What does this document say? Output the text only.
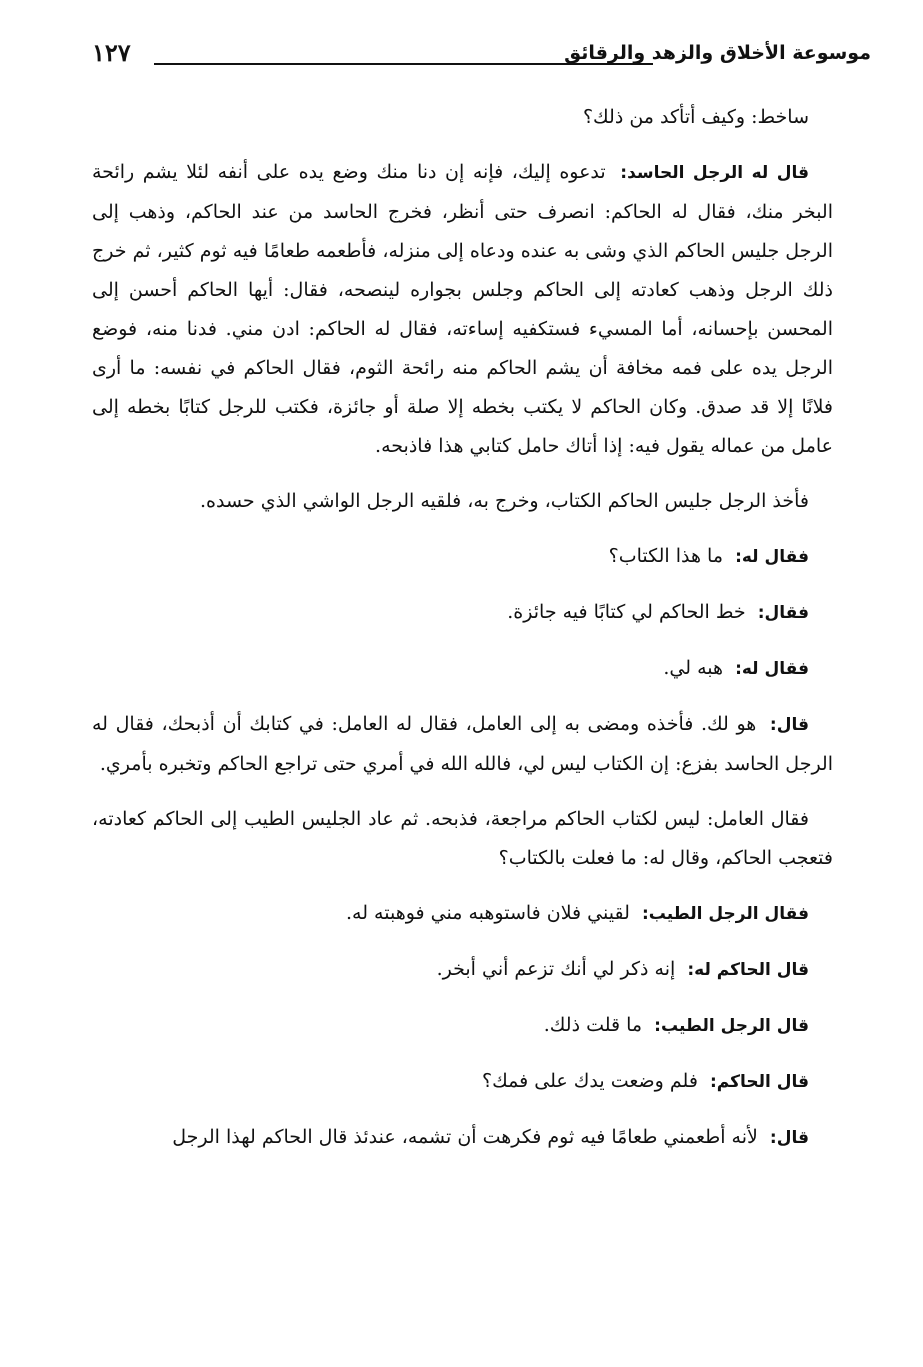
موسوعة الأخلاق والزهد والرقائق
١٢٧

ساخط: وكيف أتأكد من ذلك؟

قال له الرجل الحاسد: تدعوه إليك، فإنه إن دنا منك وضع يده على أنفه لئلا يشم رائحة البخر منك، فقال له الحاكم: انصرف حتى أنظر، فخرج الحاسد من عند الحاكم، وذهب إلى الرجل جليس الحاكم الذي وشى به عنده ودعاه إلى منزله، فأطعمه طعامًا فيه ثوم كثير، ثم خرج ذلك الرجل وذهب كعادته إلى الحاكم وجلس بجواره لينصحه، فقال: أيها الحاكم أحسن إلى المحسن بإحسانه، أما المسيء فستكفيه إساءته، فقال له الحاكم: ادن مني. فدنا منه، فوضع الرجل يده على فمه مخافة أن يشم الحاكم منه رائحة الثوم، فقال الحاكم في نفسه: ما أرى فلانًا إلا قد صدق. وكان الحاكم لا يكتب بخطه إلا صلة أو جائزة، فكتب للرجل كتابًا بخطه إلى عامل من عماله يقول فيه: إذا أتاك حامل كتابي هذا فاذبحه.

فأخذ الرجل جليس الحاكم الكتاب، وخرج به، فلقيه الرجل الواشي الذي حسده.

فقال له: ما هذا الكتاب؟

فقال: خط الحاكم لي كتابًا فيه جائزة.

فقال له: هبه لي.

قال: هو لك. فأخذه ومضى به إلى العامل، فقال له العامل: في كتابك أن أذبحك، فقال له الرجل الحاسد بفزع: إن الكتاب ليس لي، فالله الله في أمري حتى تراجع الحاكم وتخبره بأمري.

فقال العامل: ليس لكتاب الحاكم مراجعة، فذبحه. ثم عاد الجليس الطيب إلى الحاكم كعادته، فتعجب الحاكم، وقال له: ما فعلت بالكتاب؟

فقال الرجل الطيب: لقيني فلان فاستوهبه مني فوهبته له.

قال الحاكم له: إنه ذكر لي أنك تزعم أني أبخر.

قال الرجل الطيب: ما قلت ذلك.

قال الحاكم: فلم وضعت يدك على فمك؟

قال: لأنه أطعمني طعامًا فيه ثوم فكرهت أن تشمه، عندئذ قال الحاكم لهذا الرجل
